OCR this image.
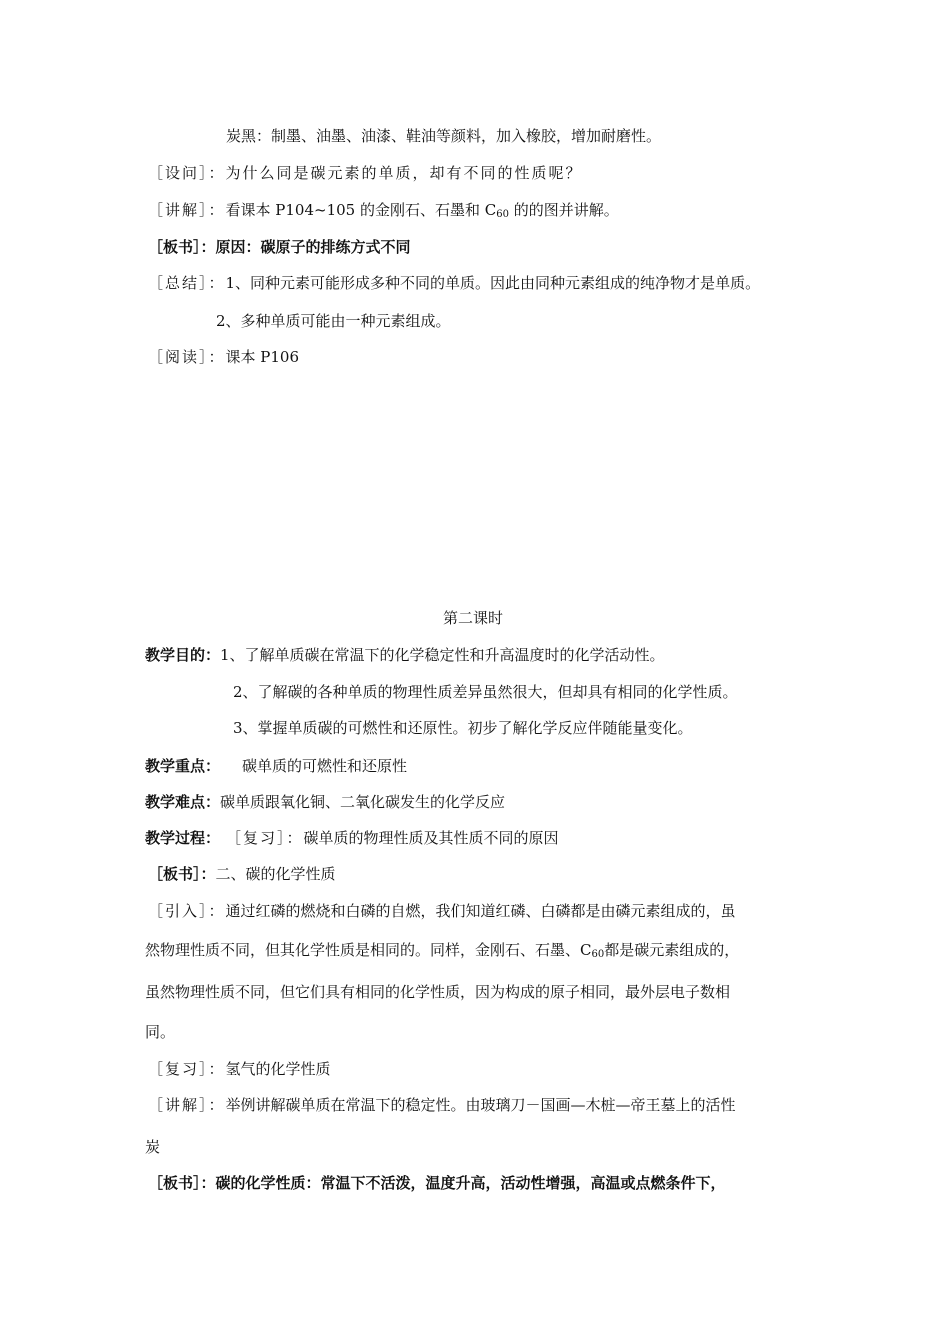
炭黑：制墨、油墨、油漆、鞋油等颜料，加入橡胶，增加耐磨性。
［设问］：为什么同是碳元素的单质，却有不同的性质呢？
［讲解］：看课本 P104~105 的金刚石、石墨和 $C_{60}$ 的的图并讲解。
［板书］：原因：碳原子的排练方式不同
［总结］：1、同种元素可能形成多种不同的单质。因此由同种元素组成的纯净物才是单质。
2、多种单质可能由一种元素组成。
［阅读］：课本 P106
第二课时
教学目的：1、了解单质碳在常温下的化学稳定性和升高温度时的化学活动性。
2、了解碳的各种单质的物理性质差异虽然很大，但却具有相同的化学性质。
3、掌握单质碳的可燃性和还原性。初步了解化学反应伴随能量变化。
教学重点： 碳单质的可燃性和还原性
教学难点：碳单质跟氧化铜、二氧化碳发生的化学反应
教学过程： ［复习］：碳单质的物理性质及其性质不同的原因
［板书］：二、碳的化学性质
［引入］：通过红磷的燃烧和白磷的自燃，我们知道红磷、白磷都是由磷元素组成的，虽
然物理性质不同，但其化学性质是相同的。同样，金刚石、石墨、$C_{60}$都是碳元素组成的，
虽然物理性质不同，但它们具有相同的化学性质，因为构成的原子相同，最外层电子数相
同。
［复习］：氢气的化学性质
［讲解］：举例讲解碳单质在常温下的稳定性。由玻璃刀－国画—木桩—帝王墓上的活性
炭
［板书］：碳的化学性质：常温下不活泼，温度升高，活动性增强，高温或点燃条件下，
